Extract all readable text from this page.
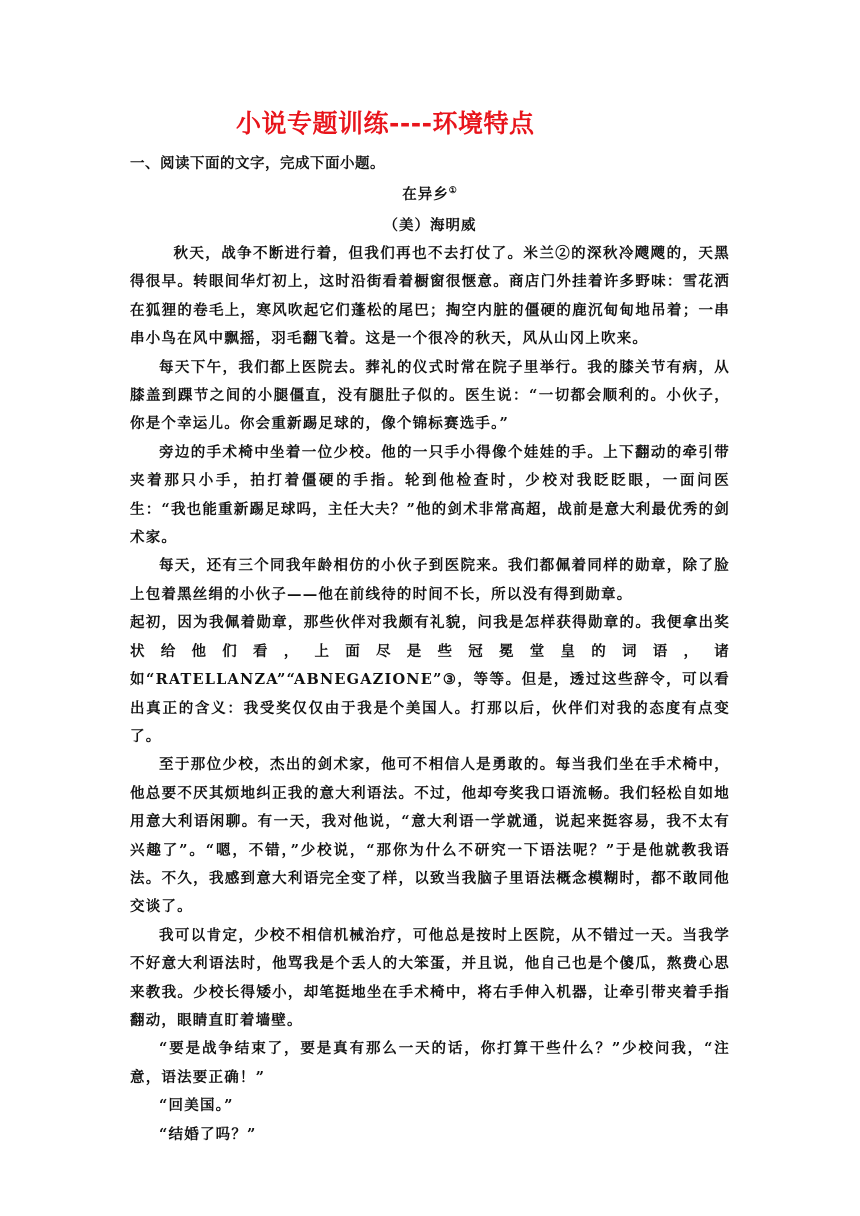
小说专题训练----环境特点
一、阅读下面的文字，完成下面小题。
在异乡①
（美）海明威

秋天，战争不断进行着，但我们再也不去打仗了。米兰②的深秋冷飕飕的，天黑得很早。转眼间华灯初上，这时沿街看着橱窗很惬意。商店门外挂着许多野味：雪花洒在狐狸的卷毛上，寒风吹起它们蓬松的尾巴；掏空内脏的僵硬的鹿沉甸甸地吊着；一串串小鸟在风中飘摇，羽毛翻飞着。这是一个很冷的秋天，风从山冈上吹来。

每天下午，我们都上医院去。葬礼的仪式时常在院子里举行。我的膝关节有病，从膝盖到踝节之间的小腿僵直，没有腿肚子似的。医生说：“一切都会顺利的。小伙子，你是个幸运儿。你会重新踢足球的，像个锦标赛选手。”

旁边的手术椅中坐着一位少校。他的一只手小得像个娃娃的手。上下翻动的牵引带夹着那只小手，拍打着僵硬的手指。轮到他检查时，少校对我眨眨眼，一面问医生：“我也能重新踢足球吗，主任大夫？”他的剑术非常高超，战前是意大利最优秀的剑术家。

每天，还有三个同我年龄相仿的小伙子到医院来。我们都佩着同样的勋章，除了脸上包着黑丝绢的小伙子——他在前线待的时间不长，所以没有得到勋章。

起初，因为我佩着勋章，那些伙伴对我颇有礼貌，问我是怎样获得勋章的。我便拿出奖状给他们看，上面尽是些冠冕堂皇的词语，诸如“RATELLANZA”“ABNEGAZIONE”③，等等。但是，透过这些辞令，可以看出真正的含义：我受奖仅仅由于我是个美国人。打那以后，伙伴们对我的态度有点变了。

至于那位少校，杰出的剑术家，他可不相信人是勇敢的。每当我们坐在手术椅中，他总要不厌其烦地纠正我的意大利语法。不过，他却夸奖我口语流畅。我们轻松自如地用意大利语闲聊。有一天，我对他说，“意大利语一学就通，说起来挺容易，我不太有兴趣了”。“嗯，不错，”少校说，“那你为什么不研究一下语法呢？”于是他就教我语法。不久，我感到意大利语完全变了样，以致当我脑子里语法概念模糊时，都不敢同他交谈了。

我可以肯定，少校不相信机械治疗，可他总是按时上医院，从不错过一天。当我学不好意大利语法时，他骂我是个丢人的大笨蛋，并且说，他自己也是个傻瓜，熬费心思来教我。少校长得矮小，却笔挺地坐在手术椅中，将右手伸入机器，让牵引带夹着手指翻动，眼睛直盯着墙壁。

“要是战争结束了，要是真有那么一天的话，你打算干些什么？”少校问我，“注意，语法要正确！”

“回美国。”

“结婚了吗？”
